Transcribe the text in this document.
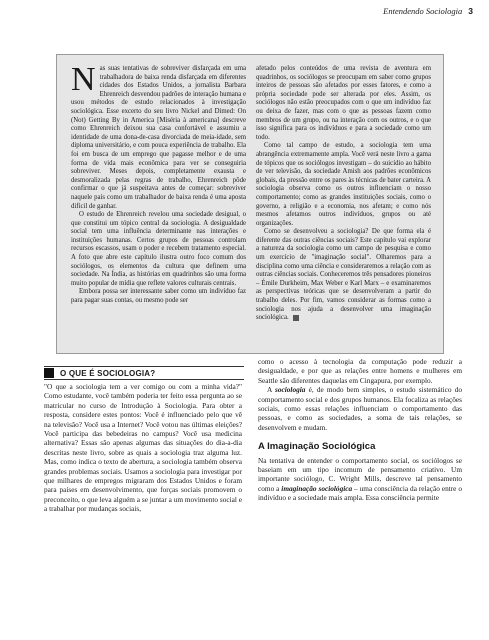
Entendendo Sociologia 3

Nas suas tentativas de sobreviver disfarçada em uma trabalhadora de baixa renda disfarçada em diferentes cidades dos Estados Unidos, a jornalista Barbara Ehrenreich desvendou padrões de interação humana e usou métodos de estudo relacionados à investigação sociológica. Esse excerto do seu livro Nickel and Dimed: On (Not) Getting By in America [Miséria à americana] descreve como Ehrenreich deixou sua casa confortável e assumiu a identidade de uma dona-de-casa divorciada de meia-idade, sem diploma universitário, e com pouca experiência de trabalho. Ela foi em busca de um emprego que pagasse melhor e de uma forma de vida mais econômica para ver se conseguiria sobreviver. Meses depois, completamente exausta e desmoralizada pelas regras de trabalho, Ehrenreich pôde confirmar o que já suspeitava antes de começar: sobreviver naquele país como um trabalhador de baixa renda é uma aposta difícil de ganhar.

O estudo de Ehrenreich revelou uma sociedade desigual, o que constitui um tópico central da sociologia. A desigualdade social tem uma influência determinante nas interações e instituições humanas. Certos grupos de pessoas controlam recursos escassos, usam o poder e recebem tratamento especial. A foto que abre este capítulo ilustra outro foco comum dos sociólogos, os elementos da cultura que definem uma sociedade. Na Índia, as histórias em quadrinhos são uma forma muito popular de mídia que reflete valores culturais centrais.

Embora possa ser interessante saber como um indivíduo faz para pagar suas contas, ou mesmo pode ser

afetado pelos conteúdos de uma revista de aventura em quadrinhos, os sociólogos se preocupam em saber como grupos inteiros de pessoas são afetados por esses fatores, e como a própria sociedade pode ser alterada por eles. Assim, os sociólogos não estão preocupados com o que um indivíduo faz ou deixa de fazer, mas com o que as pessoas fazem como membros de um grupo, ou na interação com os outros, e o que isso significa para os indivíduos e para a sociedade como um todo.

Como tal campo de estudo, a sociologia tem uma abrangência extremamente ampla. Você verá neste livro a gama de tópicos que os sociólogos investigam – do suicídio ao hábito de ver televisão, da sociedade Amish aos padrões econômicos globais, da pressão entre os pares às técnicas de bater carteira. A sociologia observa como os outros influenciam o nosso comportamento; como as grandes instituições sociais, como o governo, a religião e a economia, nos afetam; e como nós mesmos afetamos outros indivíduos, grupos ou até organizações.

Como se desenvolveu a sociologia? De que forma ela é diferente das outras ciências sociais? Este capítulo vai explorar a natureza da sociologia como um campo de pesquisa e como um exercício de "imaginação social". Olharemos para a disciplina como uma ciência e consideraremos a relação com as outras ciências sociais. Conheceremos três pensadores pioneiros – Émile Durkheim, Max Weber e Karl Marx – e examinaremos as perspectivas teóricas que se desenvolveram a partir do trabalho deles. Por fim, vamos considerar as formas como a sociologia nos ajuda a desenvolver uma imaginação sociológica.

O QUE É SOCIOLOGIA?

"O que a sociologia tem a ver comigo ou com a minha vida?" Como estudante, você também poderia ter feito essa pergunta ao se matricular no curso de Introdução à Sociologia. Para obter a resposta, considere estes pontos: Você é influenciado pelo que vê na televisão? Você usa a Internet? Você votou nas últimas eleições? Você participa das bebedeiras no campus? Você usa medicina alternativa? Essas são apenas algumas das situações do dia-a-dia descritas neste livro, sobre as quais a sociologia traz alguma luz. Mas, como indica o texto de abertura, a sociologia também observa grandes problemas sociais. Usamos a sociologia para investigar por que milhares de empregos migraram dos Estados Unidos e foram para países em desenvolvimento, que forças sociais promovem o preconceito, o que leva alguém a se juntar a um movimento social e a trabalhar por mudanças sociais,

como o acesso à tecnologia da computação pode reduzir a desigualdade, e por que as relações entre homens e mulheres em Seattle são diferentes daquelas em Cingapura, por exemplo.

A sociologia é, de modo bem simples, o estudo sistemático do comportamento social e dos grupos humanos. Ela focaliza as relações sociais, como essas relações influenciam o comportamento das pessoas, e como as sociedades, a soma de tais relações, se desenvolvem e mudam.

A Imaginação Sociológica

Na tentativa de entender o comportamento social, os sociólogos se baseiam em um tipo incomum de pensamento criativo. Um importante sociólogo, C. Wright Mills, descreve tal pensamento como a imaginação sociológica – uma consciência da relação entre o indivíduo e a sociedade mais ampla. Essa consciência permite
